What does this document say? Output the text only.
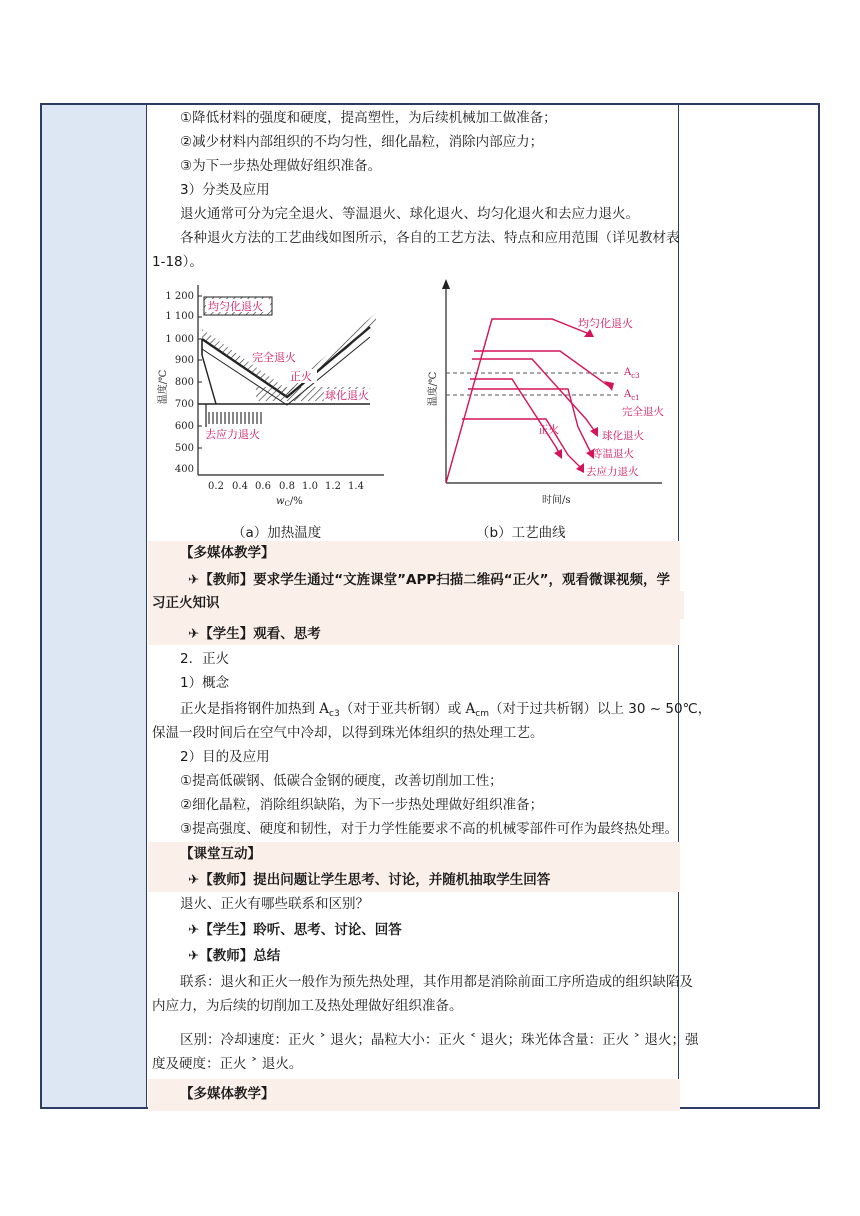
①降低材料的强度和硬度，提高塑性，为后续机械加工做准备；
②减少材料内部组织的不均匀性，细化晶粒，消除内部应力；
③为下一步热处理做好组织准备。
3）分类及应用
退火通常可分为完全退火、等温退火、球化退火、均匀化退火和去应力退火。
各种退火方法的工艺曲线如图所示，各自的工艺方法、特点和应用范围（详见教材表
1-18）。
1 200
1 100
1 000
900
800
700
600
500
400
0.2 0.4 0.6 0.8 1.0 1.2 1.4
温度/℃
$w_C/\%$
均匀化退火
去应力退火
完全退火
正火
球化退火	温度/℃
时间/s
$A_{c3}$
$A_{c1}$
均匀化退火
完全退火
正火	球化退火
等温退火
去应力退火
（a）加热温度	（b）工艺曲线
【多媒体教学】
✈【教师】要求学生通过“文旌课堂”APP扫描二维码“正火”，观看微课视频，学
习正火知识
✈【学生】观看、思考
2．正火
1）概念
正火是指将钢件加热到 $A_{c3}$（对于亚共析钢）或 $A_{cm}$（对于过共析钢）以上 30 ~ 50℃，
保温一段时间后在空气中冷却，以得到珠光体组织的热处理工艺。
2）目的及应用
①提高低碳钢、低碳合金钢的硬度，改善切削加工性；
②细化晶粒，消除组织缺陷，为下一步热处理做好组织准备；
③提高强度、硬度和韧性，对于力学性能要求不高的机械零部件可作为最终热处理。
【课堂互动】
✈【教师】提出问题让学生思考、讨论，并随机抽取学生回答
退火、正火有哪些联系和区别？
✈【学生】聆听、思考、讨论、回答
✈【教师】总结
联系：退火和正火一般作为预先热处理，其作用都是消除前面工序所造成的组织缺陷及
内应力，为后续的切削加工及热处理做好组织准备。
区别：冷却速度：正火 ˃ 退火；晶粒大小：正火 ˂ 退火；珠光体含量：正火 ˃ 退火；强
度及硬度：正火 ˃ 退火。
【多媒体教学】
